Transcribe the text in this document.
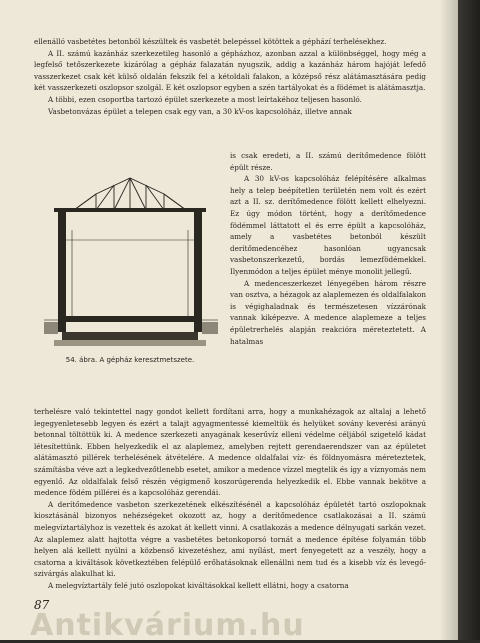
ellenálló vasbetétes betonból készültek és vasbetét belepéssel kötöttek a géphází terhelésekhez.

A II. számú kazánház szerkezetileg hasonló a gépházhoz, azonban azzal a különbséggel, hogy még a legfelső tetőszerkezete kizárólag a gépház falazatán nyugszik, addig a kazánház három hajóját lefedő vasszerkezet csak két külső oldalán fekszik fel a kétoldali falakon, a középső rész alátámasztására pedig két vasszerkezeti oszlopsor szolgál. E két oszlopsor egyben a szén tartályokat és a födémet is alátámasztja.

A többi, ezen csoportba tartozó épület szerkezete a most leírtakéhoz teljesen hasonló.

Vasbetonvázas épület a telepen csak egy van, a 30 kV-os kapcsolóház, illetve annak

54. ábra. A gépház keresztmetszete.

is csak eredeti, a II. számú derítőmedence fölött épült része.

A 30 kV-os kapcsolóház felépítésére alkalmas hely a telep beépítetlen területén nem volt és ezért azt a II. sz. derítőmedence fölött kellett elhelyezni. Ez úgy módon történt, hogy a derítőmedence födémmel láttatott el és erre épült a kapcsolóház, amely a vasbetétes betonból készült derítőmedencéhez hasonlóan ugyancsak vasbetonszerkezetű, bordás lemezfödémekkel. Ilyenmódon a teljes épület ménye monolit jellegű.

A medenceszerkezet lényegében három részre van osztva, a hézagok az alaplemezen és oldalfalakon is végighaladnak és természetesen vízzárónak vannak kiképezve. A medence alaplemeze a teljes épületrerhelés alapján reakcióra méreteztetett. A hatalmas

terhelésre való tekintettel nagy gondot kellett fordítani arra, hogy a munkahézagok az altalaj a lehető legegyenletesebb legyen és ezért a talajt agyagmentessé kiemeltük és helyüket sovány keverési arányú betonnal töltöttük ki. A medence szerkezeti anyagának keserűvíz elleni védelme céljából szigetelő kádat létesítettünk. Ebben helyezkedik el az alaplemez, amelyben rejtett gerendaerendszer van az épületet alátámasztó pillérek terhelésének átvételére. A medence oldalfalai víz- és földnyomásra méreteztetek, számításba véve azt a legkedvezőtlenebb esetet, amikor a medence vízzel megtelik és így a víznyomás nem egyenlő. Az oldalfalak felső részén végigmenő koszorúgerenda helyezkedik el. Ebbe vannak bekötve a medence födém pillérei és a kapcsolóház gerendái.

A derítőmedence vasbeton szerkezetének elkészítésénél a kapcsolóház épületét tartó oszlopoknak kiosztásánál bizonyos nehézségeket okozott az, hogy a derítőmedence csatlakozásai a II. számú melegvíztartályhoz is vezettek és azokat át kellett vinni. A csatlakozás a medence délnyugati sarkán vezet. Az alaplemez alatt hajtotta végre a vasbetétes betonkoporsó tornát a medence építése folyamán több helyen alá kellett nyúlni a közbenső kivezetéshez, ami nyílást, mert fenyegetett az a veszély, hogy a csatorna a kiváltások következtében felépülő erőhatásoknak ellenállni nem tud és a kisebb víz és levegő-szivárgás alakulhat ki.

A melegvíztartály felé jutó oszlopokat kiváltásokkal kellett ellátni, hogy a csatorna

87
Antikvárium.hu
